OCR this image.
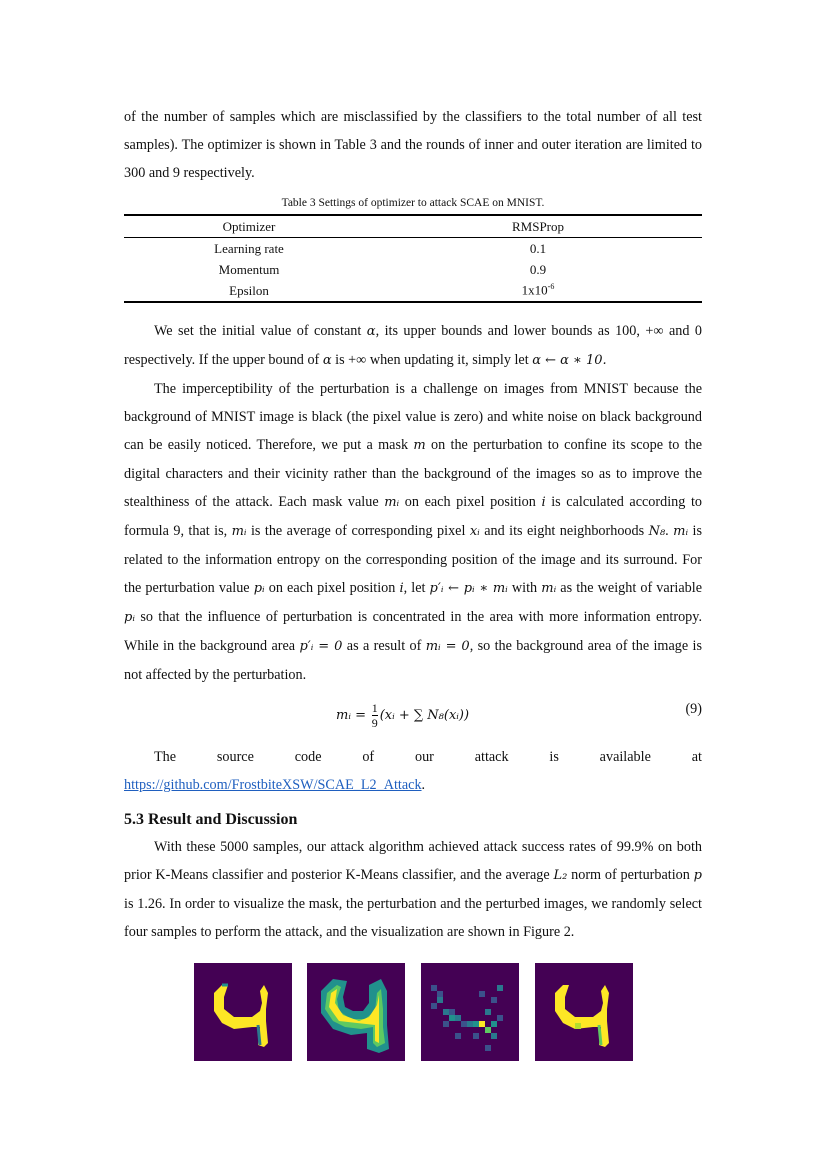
of the number of samples which are misclassified by the classifiers to the total number of all test samples). The optimizer is shown in Table 3 and the rounds of inner and outer iteration are limited to 300 and 9 respectively.

Table 3 Settings of optimizer to attack SCAE on MNIST.
Optimizer	RMSProp
Learning rate	0.1
Momentum	0.9
Epsilon	$1x10^{-6}$

We set the initial value of constant α, its upper bounds and lower bounds as 100, +∞ and 0 respectively. If the upper bound of α is +∞ when updating it, simply let α ← α ∗ 10.

The imperceptibility of the perturbation is a challenge on images from MNIST because the background of MNIST image is black (the pixel value is zero) and white noise on black background can be easily noticed. Therefore, we put a mask m on the perturbation to confine its scope to the digital characters and their vicinity rather than the background of the images so as to improve the stealthiness of the attack. Each mask value mᵢ on each pixel position i is calculated according to formula 9, that is, mᵢ is the average of corresponding pixel xᵢ and its eight neighborhoods N₈. mᵢ is related to the information entropy on the corresponding position of the image and its surround. For the perturbation value pᵢ on each pixel position i, let p′ᵢ ← pᵢ ∗ mᵢ with mᵢ as the weight of variable pᵢ so that the influence of perturbation is concentrated in the area with more information entropy. While in the background area p′ᵢ = 0 as a result of mᵢ = 0, so the background area of the image is not affected by the perturbation.

mᵢ = $\frac{1}{9}$ (xᵢ + ∑ N₈(xᵢ))	(9)
The	source	code	of	our	attack	is	available	at

https://github.com/FrostbiteXSW/SCAE_L2_Attack.

5.3 Result and Discussion

With these 5000 samples, our attack algorithm achieved attack success rates of 99.9% on both prior K-Means classifier and posterior K-Means classifier, and the average L₂ norm of perturbation p is 1.26. In order to visualize the mask, the perturbation and the perturbed images, we randomly select four samples to perform the attack, and the visualization are shown in Figure 2.
